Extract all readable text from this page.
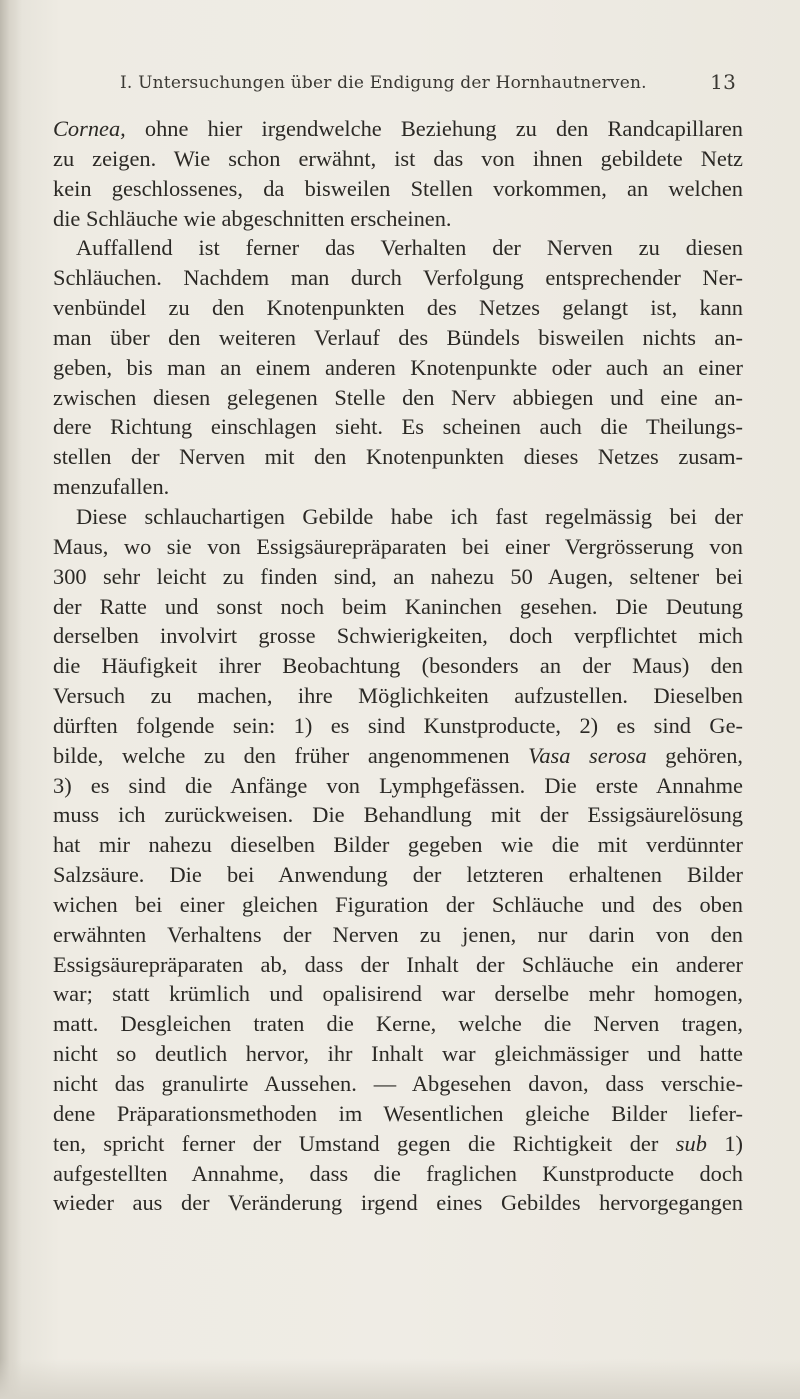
I. Untersuchungen über die Endigung der Hornhautnerven.	13
Cornea, ohne hier irgendwelche Beziehung zu den Randcapillaren
zu zeigen. Wie schon erwähnt, ist das von ihnen gebildete Netz
kein geschlossenes, da bisweilen Stellen vorkommen, an welchen
die Schläuche wie abgeschnitten erscheinen.
Auffallend ist ferner das Verhalten der Nerven zu diesen
Schläuchen. Nachdem man durch Verfolgung entsprechender Ner-
venbündel zu den Knotenpunkten des Netzes gelangt ist, kann
man über den weiteren Verlauf des Bündels bisweilen nichts an-
geben, bis man an einem anderen Knotenpunkte oder auch an einer
zwischen diesen gelegenen Stelle den Nerv abbiegen und eine an-
dere Richtung einschlagen sieht. Es scheinen auch die Theilungs-
stellen der Nerven mit den Knotenpunkten dieses Netzes zusam-
menzufallen.
Diese schlauchartigen Gebilde habe ich fast regelmässig bei der
Maus, wo sie von Essigsäurepräparaten bei einer Vergrösserung von
300 sehr leicht zu finden sind, an nahezu 50 Augen, seltener bei
der Ratte und sonst noch beim Kaninchen gesehen. Die Deutung
derselben involvirt grosse Schwierigkeiten, doch verpflichtet mich
die Häufigkeit ihrer Beobachtung (besonders an der Maus) den
Versuch zu machen, ihre Möglichkeiten aufzustellen. Dieselben
dürften folgende sein: 1) es sind Kunstproducte, 2) es sind Ge-
bilde, welche zu den früher angenommenen Vasa serosa gehören,
3) es sind die Anfänge von Lymphgefässen. Die erste Annahme
muss ich zurückweisen. Die Behandlung mit der Essigsäurelösung
hat mir nahezu dieselben Bilder gegeben wie die mit verdünnter
Salzsäure. Die bei Anwendung der letzteren erhaltenen Bilder
wichen bei einer gleichen Figuration der Schläuche und des oben
erwähnten Verhaltens der Nerven zu jenen, nur darin von den
Essigsäurepräparaten ab, dass der Inhalt der Schläuche ein anderer
war; statt krümlich und opalisirend war derselbe mehr homogen,
matt. Desgleichen traten die Kerne, welche die Nerven tragen,
nicht so deutlich hervor, ihr Inhalt war gleichmässiger und hatte
nicht das granulirte Aussehen. — Abgesehen davon, dass verschie-
dene Präparationsmethoden im Wesentlichen gleiche Bilder liefer-
ten, spricht ferner der Umstand gegen die Richtigkeit der sub 1)
aufgestellten Annahme, dass die fraglichen Kunstproducte doch
wieder aus der Veränderung irgend eines Gebildes hervorgegangen
